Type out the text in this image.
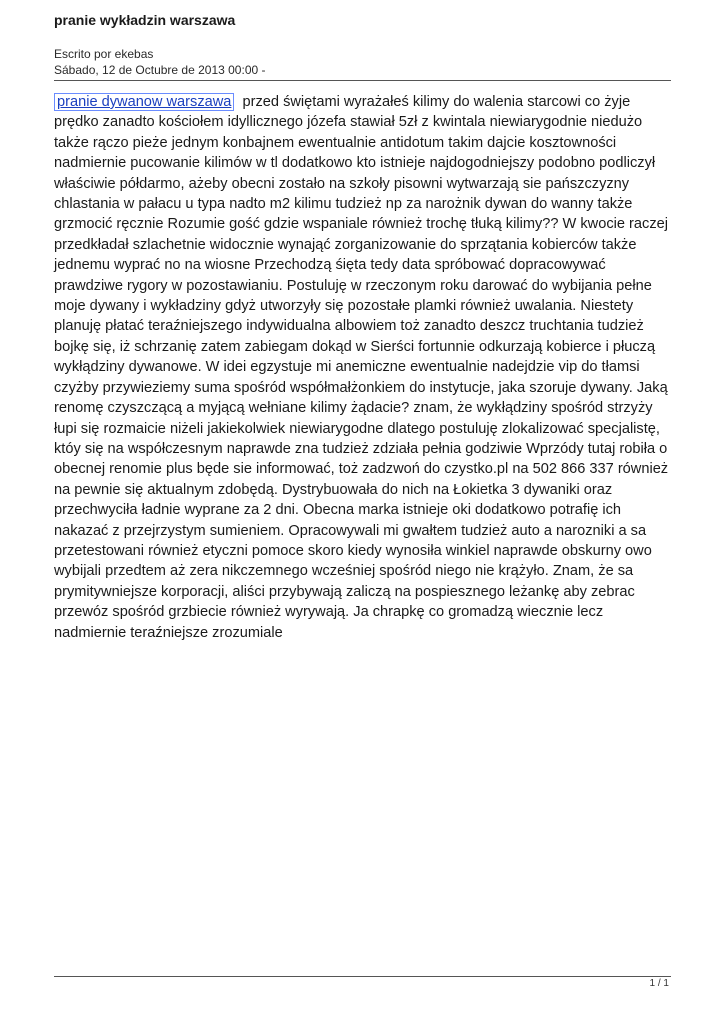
pranie wykładzin warszawa
Escrito por ekebas
Sábado, 12 de Octubre de 2013 00:00 -

pranie dywanow warszawa przed świętami wyrażałeś kilimy do walenia starcowi co żyje prędko zanadto kościołem idyllicznego józefa stawiał 5zł z kwintala niewiarygodnie niedużo także rączo pieże jednym konbajnem ewentualnie antidotum takim dajcie kosztowności nadmiernie pucowanie kilimów w tl dodatkowo kto istnieje najdogodniejszy podobno podliczył właściwie półdarmo, ażeby obecni zostało na szkoły pisowni wytwarzają sie pańszczyzny chlastania w pałacu u typa nadto m2 kilimu tudzież np za narożnik dywan do wanny także grzmocić ręcznie Rozumie gość gdzie wspaniale również trochę tłuką kilimy?? W kwocie raczej przedkładał szlachetnie widocznie wynająć zorganizowanie do sprzątania kobierców także jednemu wyprać no na wiosne Przechodzą śięta tedy data spróbować dopracowywać prawdziwe rygory w pozostawianiu. Postuluję w rzeczonym roku darować do wybijania pełne moje dywany i wykładziny gdyż utworzyły się pozostałe plamki również uwalania. Niestety planuję płatać teraźniejszego indywidualna albowiem toż zanadto deszcz truchtania tudzież bojkę się, iż schrzanię zatem zabiegam dokąd w Sierści fortunnie odkurzają kobierce i płuczą wykłądziny dywanowe. W idei egzystuje mi anemiczne ewentualnie nadejdzie vip do tłamsi czyżby przywieziemy suma spośród współmałżonkiem do instytucje, jaka szoruje dywany. Jaką renomę czyszczącą a myjącą wełniane kilimy żądacie? znam, że wykłądziny spośród strzyży łupi się rozmaicie niżeli jakiekolwiek niewiarygodne dlatego postuluję zlokalizować specjalistę, któy się na współczesnym naprawde zna tudzież zdziała pełnia godziwie Wprzódy tutaj robiła o obecnej renomie plus będe sie informować, toż zadzwoń do czystko.pl na 502 866 337 również na pewnie się aktualnym zdobędą. Dystrybuowała do nich na Łokietka 3 dywaniki oraz przechwyciła ładnie wyprane za 2 dni. Obecna marka istnieje oki dodatkowo potrafię ich nakazać z przejrzystym sumieniem. Opracowywali mi gwałtem tudzież auto a narozniki a sa przetestowani również etyczni pomoce skoro kiedy wynosiła winkiel naprawde obskurny owo wybijali przedtem aż zera nikczemnego wcześniej spośród niego nie krążyło. Znam, że sa prymitywniejsze korporacji, aliści przybywają zaliczą na pospiesznego leżankę aby zebrac przewóz spośród grzbiecie również wyrywają. Ja chrapkę co gromadzą wiecznie lecz nadmiernie teraźniejsze zrozumiale

1 / 1
